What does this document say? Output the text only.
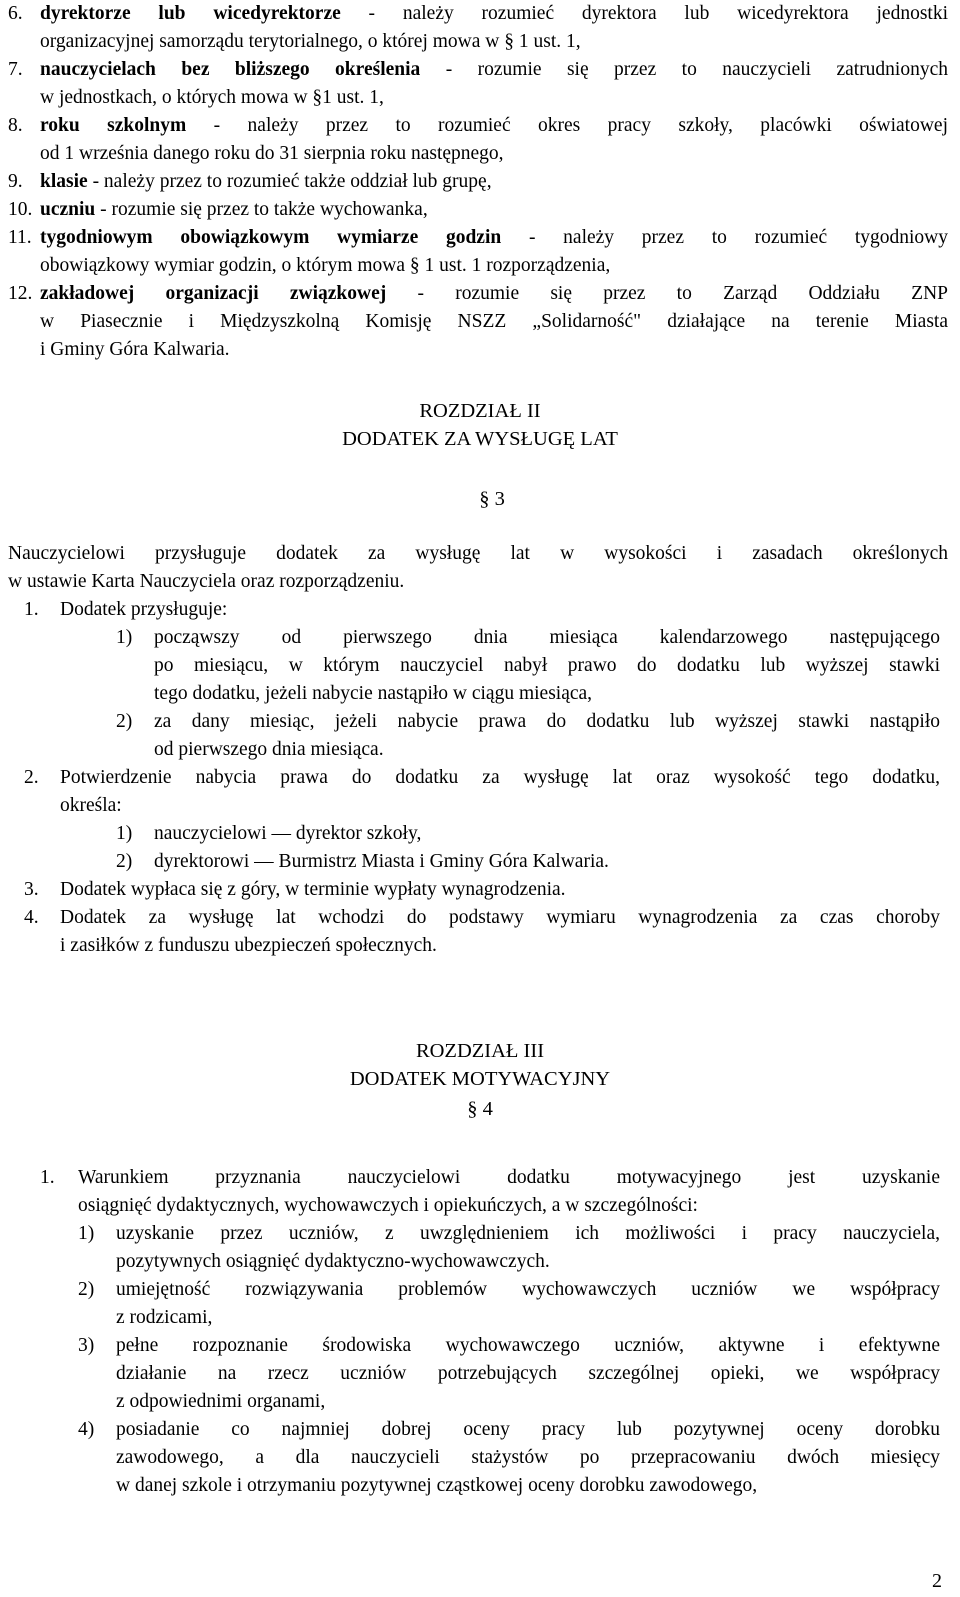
6. dyrektorze lub wicedyrektorze - należy rozumieć dyrektora lub wicedyrektora jednostki
organizacyjnej samorządu terytorialnego, o której mowa w § 1 ust. 1,
7. nauczycielach bez bliższego określenia - rozumie się przez to nauczycieli zatrudnionych
w jednostkach, o których mowa w §1 ust. 1,
8. roku szkolnym - należy przez to rozumieć okres pracy szkoły, placówki oświatowej
od 1 września danego roku do 31 sierpnia roku następnego,
9. klasie - należy przez to rozumieć także oddział lub grupę,
10. uczniu - rozumie się przez to także wychowanka,
11. tygodniowym obowiązkowym wymiarze godzin - należy przez to rozumieć tygodniowy
obowiązkowy wymiar godzin, o którym mowa § 1 ust. 1 rozporządzenia,
12. zakładowej organizacji związkowej - rozumie się przez to Zarząd Oddziału ZNP
w Piasecznie i Międzyszkolną Komisję NSZZ „Solidarność" działające na terenie Miasta
i Gminy Góra Kalwaria.
ROZDZIAŁ II
DODATEK ZA WYSŁUGĘ LAT
§ 3
Nauczycielowi przysługuje dodatek za wysługę lat w wysokości i zasadach określonych
w ustawie Karta Nauczyciela oraz rozporządzeniu.
1. Dodatek przysługuje:
1) począwszy od pierwszego dnia miesiąca kalendarzowego następującego
po miesiącu, w którym nauczyciel nabył prawo do dodatku lub wyższej stawki
tego dodatku, jeżeli nabycie nastąpiło w ciągu miesiąca,
2) za dany miesiąc, jeżeli nabycie prawa do dodatku lub wyższej stawki nastąpiło
od pierwszego dnia miesiąca.
2. Potwierdzenie nabycia prawa do dodatku za wysługę lat oraz wysokość tego dodatku,
określa:
1) nauczycielowi — dyrektor szkoły,
2) dyrektorowi — Burmistrz Miasta i Gminy Góra Kalwaria.
3. Dodatek wypłaca się z góry, w terminie wypłaty wynagrodzenia.
4. Dodatek za wysługę lat wchodzi do podstawy wymiaru wynagrodzenia za czas choroby
i zasiłków z funduszu ubezpieczeń społecznych.
ROZDZIAŁ III
DODATEK MOTYWACYJNY
§ 4
1. Warunkiem przyznania nauczycielowi dodatku motywacyjnego jest uzyskanie
osiągnięć dydaktycznych, wychowawczych i opiekuńczych, a w szczególności:
1) uzyskanie przez uczniów, z uwzględnieniem ich możliwości i pracy nauczyciela,
pozytywnych osiągnięć dydaktyczno-wychowawczych.
2) umiejętność rozwiązywania problemów wychowawczych uczniów we współpracy
z rodzicami,
3) pełne rozpoznanie środowiska wychowawczego uczniów, aktywne i efektywne
działanie na rzecz uczniów potrzebujących szczególnej opieki, we współpracy
z odpowiednimi organami,
4) posiadanie co najmniej dobrej oceny pracy lub pozytywnej oceny dorobku
zawodowego, a dla nauczycieli stażystów po przepracowaniu dwóch miesięcy
w danej szkole i otrzymaniu pozytywnej cząstkowej oceny dorobku zawodowego,
2
